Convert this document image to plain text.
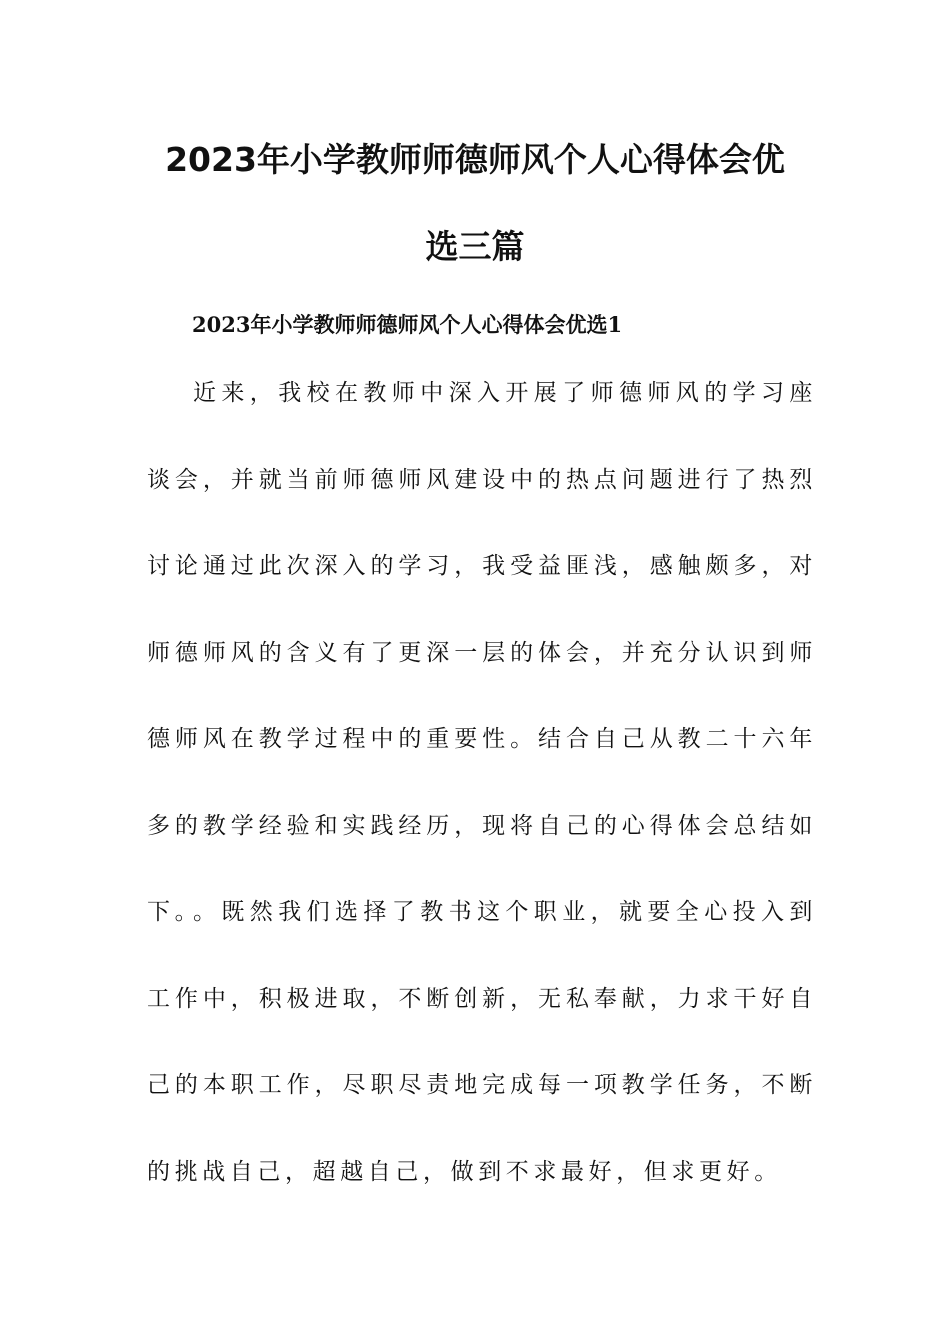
2023年小学教师师德师风个人心得体会优
选三篇
2023年小学教师师德师风个人心得体会优选1

近来，我校在教师中深入开展了师德师风的学习座谈会，并就当前师德师风建设中的热点问题进行了热烈讨论通过此次深入的学习，我受益匪浅，感触颇多，对师德师风的含义有了更深一层的体会，并充分认识到师德师风在教学过程中的重要性。结合自己从教二十六年多的教学经验和实践经历，现将自己的心得体会总结如下。

。既然我们选择了教书这个职业，就要全心投入到工作中，积极进取，不断创新，无私奉献，力求干好自己的本职工作，尽职尽责地完成每一项教学任务，不断的挑战自己，超越自己，做到不求最好，但求更好。
